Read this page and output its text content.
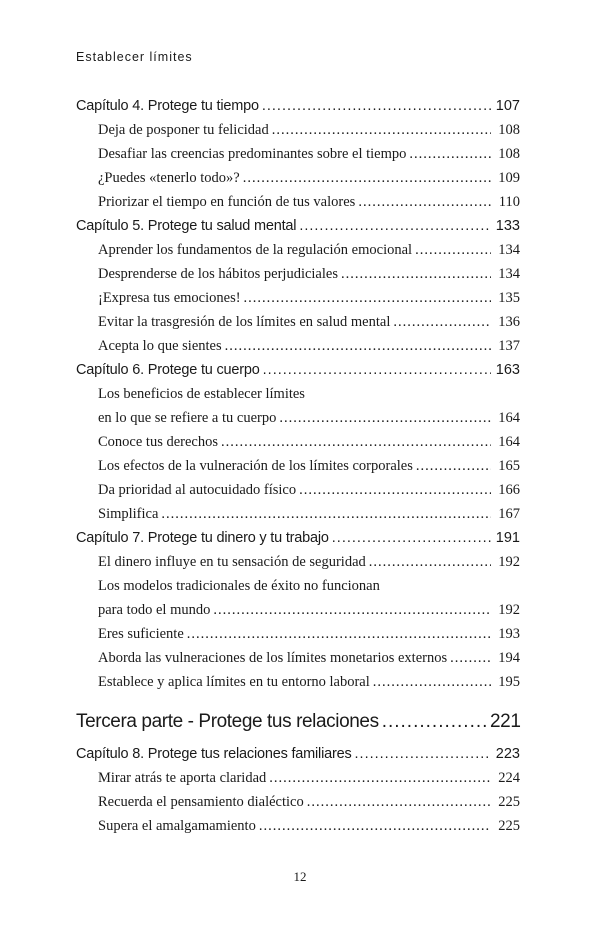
Establecer límites
Capítulo 4. Protege tu tiempo .....	107
Deja de posponer tu felicidad .....	108
Desafiar las creencias predominantes sobre el tiempo .....	108
¿Puedes «tenerlo todo»? .....	109
Priorizar el tiempo en función de tus valores .....	110
Capítulo 5. Protege tu salud mental .....	133
Aprender los fundamentos de la regulación emocional .....	134
Desprenderse de los hábitos perjudiciales .....	134
¡Expresa tus emociones! .....	135
Evitar la trasgresión de los límites en salud mental .....	136
Acepta lo que sientes .....	137
Capítulo 6. Protege tu cuerpo .....	163
Los beneficios de establecer límites
en lo que se refiere a tu cuerpo .....	164
Conoce tus derechos .....	164
Los efectos de la vulneración de los límites corporales .....	165
Da prioridad al autocuidado físico .....	166
Simplifica .....	167
Capítulo 7. Protege tu dinero y tu trabajo .....	191
El dinero influye en tu sensación de seguridad .....	192
Los modelos tradicionales de éxito no funcionan
para todo el mundo .....	192
Eres suficiente .....	193
Aborda las vulneraciones de los límites monetarios externos .....	194
Establece y aplica límites en tu entorno laboral .....	195
Tercera parte - Protege tus relaciones .....	221
Capítulo 8. Protege tus relaciones familiares .....	223
Mirar atrás te aporta claridad .....	224
Recuerda el pensamiento dialéctico .....	225
Supera el amalgamamiento .....	225
12
